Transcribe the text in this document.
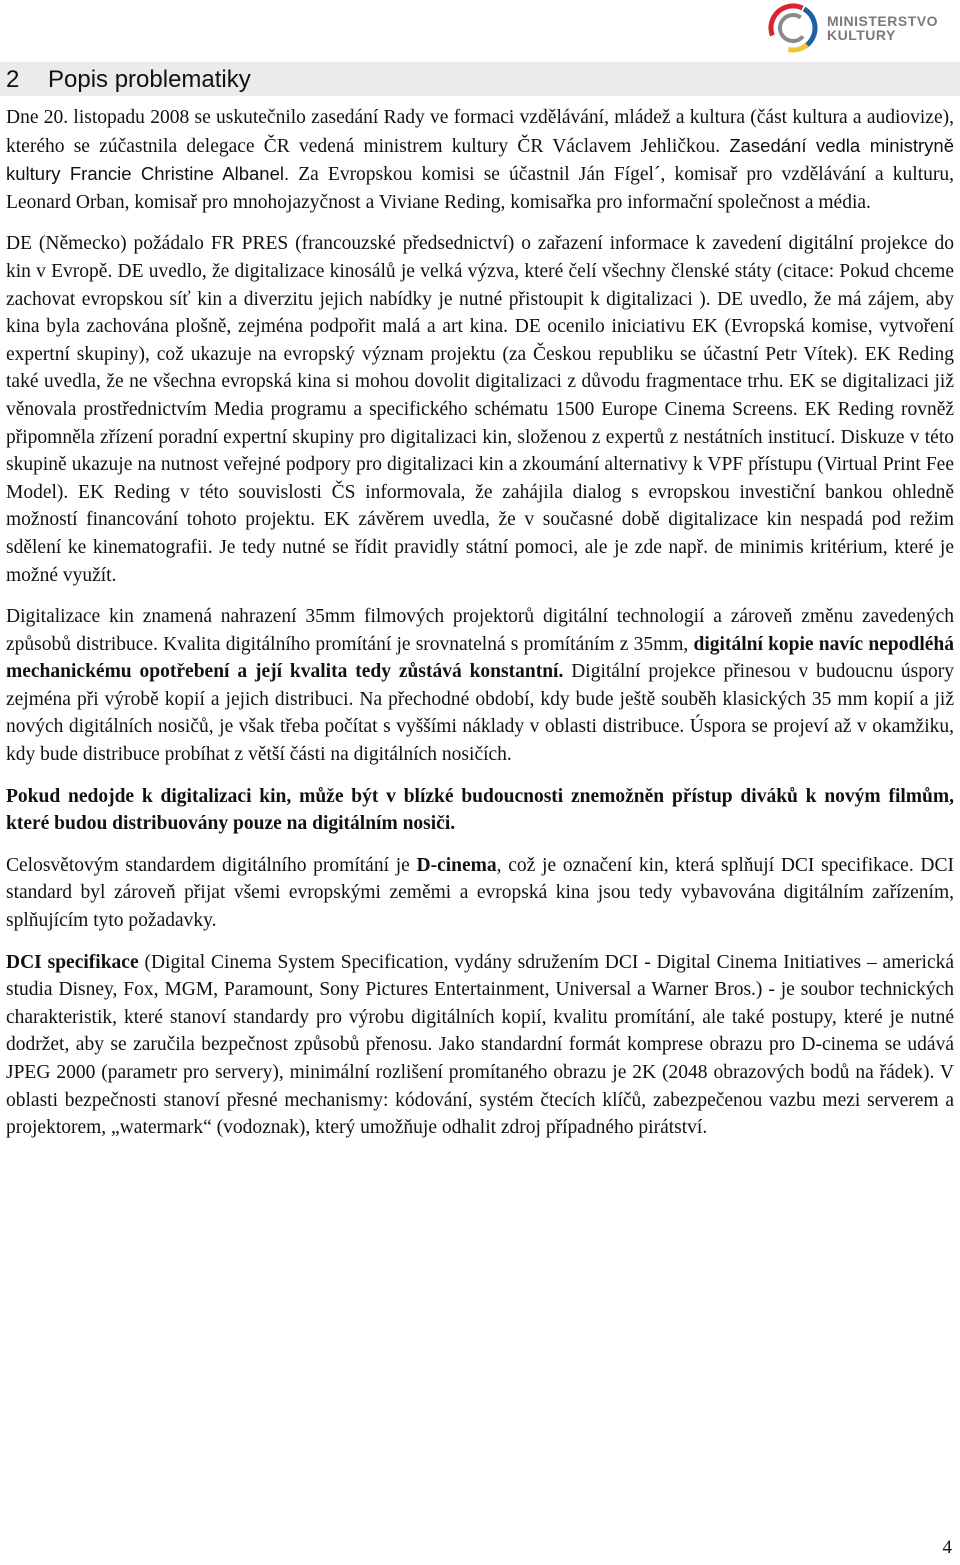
MINISTERSTVO
KULTURY
2 Popis problematiky

Dne 20. listopadu 2008 se uskutečnilo zasedání Rady ve formaci vzdělávání, mládež a kultura (část kultura a audiovize), kterého se zúčastnila delegace ČR vedená ministrem kultury ČR Václavem Jehličkou. Zasedání vedla ministryně kultury Francie Christine Albanel. Za Evropskou komisi se účastnil Ján Fígel´, komisař pro vzdělávání a kulturu, Leonard Orban, komisař pro mnohojazyčnost a Viviane Reding, komisařka pro informační společnost a média.

DE (Německo) požádalo FR PRES (francouzské předsednictví) o zařazení informace k zavedení digitální projekce do kin v Evropě. DE uvedlo, že digitalizace kinosálů je velká výzva, které čelí všechny členské státy (citace: Pokud chceme zachovat evropskou síť kin a diverzitu jejich nabídky je nutné přistoupit k digitalizaci ). DE uvedlo, že má zájem, aby kina byla zachována plošně, zejména podpořit malá a art kina. DE ocenilo iniciativu EK (Evropská komise, vytvoření expertní skupiny), což ukazuje na evropský význam projektu (za Českou republiku se účastní Petr Vítek). EK Reding také uvedla, že ne všechna evropská kina si mohou dovolit digitalizaci z důvodu fragmentace trhu. EK se digitalizaci již věnovala prostřednictvím Media programu a specifického schématu 1500 Europe Cinema Screens. EK Reding rovněž připomněla zřízení poradní expertní skupiny pro digitalizaci kin, složenou z expertů z nestátních institucí. Diskuze v této skupině ukazuje na nutnost veřejné podpory pro digitalizaci kin a zkoumání alternativy k VPF přístupu (Virtual Print Fee Model). EK Reding v této souvislosti ČS informovala, že zahájila dialog s evropskou investiční bankou ohledně možností financování tohoto projektu. EK závěrem uvedla, že v současné době digitalizace kin nespadá pod režim sdělení ke kinematografii. Je tedy nutné se řídit pravidly státní pomoci, ale je zde např. de minimis kritérium, které je možné využít.

Digitalizace kin znamená nahrazení 35mm filmových projektorů digitální technologií a zároveň změnu zavedených způsobů distribuce. Kvalita digitálního promítání je srovnatelná s promítáním z 35mm, digitální kopie navíc nepodléhá mechanickému opotřebení a její kvalita tedy zůstává konstantní. Digitální projekce přinesou v budoucnu úspory zejména při výrobě kopií a jejich distribuci. Na přechodné období, kdy bude ještě souběh klasických 35 mm kopií a již nových digitálních nosičů, je však třeba počítat s vyššími náklady v oblasti distribuce. Úspora se projeví až v okamžiku, kdy bude distribuce probíhat z větší části na digitálních nosičích.

Pokud nedojde k digitalizaci kin, může být v blízké budoucnosti znemožněn přístup diváků k novým filmům, které budou distribuovány pouze na digitálním nosiči.

Celosvětovým standardem digitálního promítání je D-cinema, což je označení kin, která splňují DCI specifikace. DCI standard byl zároveň přijat všemi evropskými zeměmi a evropská kina jsou tedy vybavována digitálním zařízením, splňujícím tyto požadavky.

DCI specifikace (Digital Cinema System Specification, vydány sdružením DCI - Digital Cinema Initiatives – americká studia Disney, Fox, MGM, Paramount, Sony Pictures Entertainment, Universal a Warner Bros.) - je soubor technických charakteristik, které stanoví standardy pro výrobu digitálních kopií, kvalitu promítání, ale také postupy, které je nutné dodržet, aby se zaručila bezpečnost způsobů přenosu. Jako standardní formát komprese obrazu pro D-cinema se udává JPEG 2000 (parametr pro servery), minimální rozlišení promítaného obrazu je 2K (2048 obrazových bodů na řádek). V oblasti bezpečnosti stanoví přesné mechanismy: kódování, systém čtecích klíčů, zabezpečenou vazbu mezi serverem a projektorem, „watermark“ (vodoznak), který umožňuje odhalit zdroj případného pirátství.

4
